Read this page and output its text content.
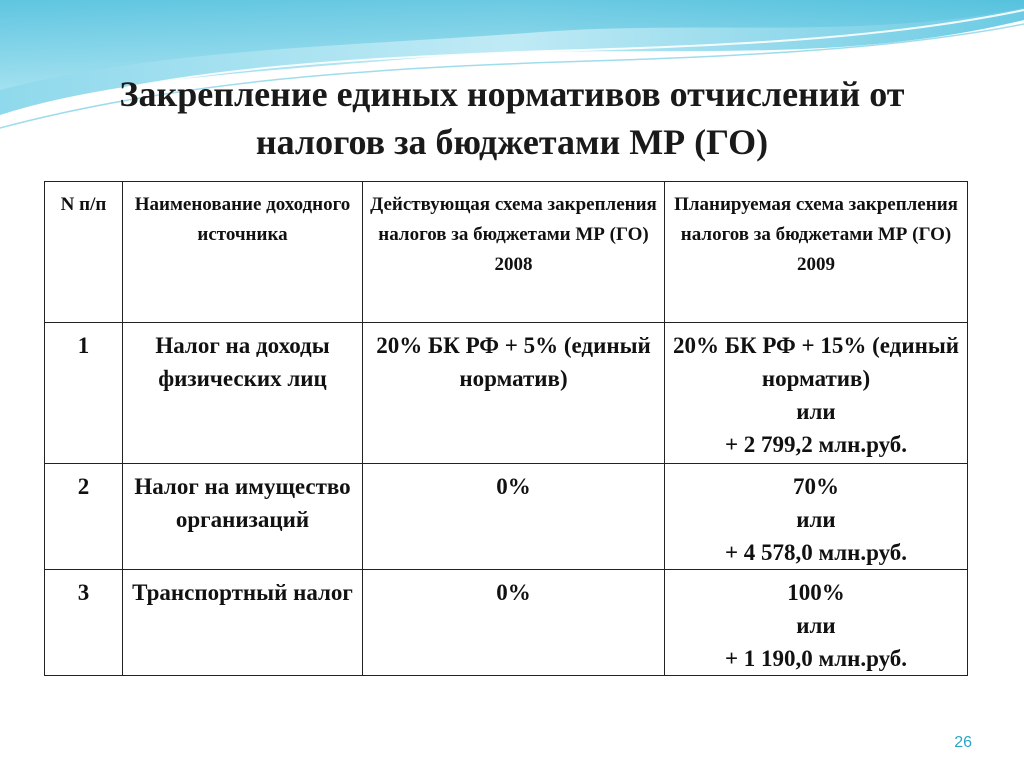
Закрепление единых нормативов отчислений от
налогов за бюджетами МР (ГО)
N п/п	Наименование доходного источника	Действующая схема закрепления налогов за бюджетами МР (ГО) 2008	Планируемая схема закрепления налогов за бюджетами МР (ГО) 2009
1	Налог на доходы физических лиц	20% БК РФ + 5% (единый норматив)	20% БК РФ + 15% (единый норматив)
или
+ 2 799,2 млн.руб.

2	Налог на имущество организаций	0%	70%
или
+ 4 578,0 млн.руб.

3	Транспортный налог	0%	100%
или
+ 1 190,0 млн.руб.
26
